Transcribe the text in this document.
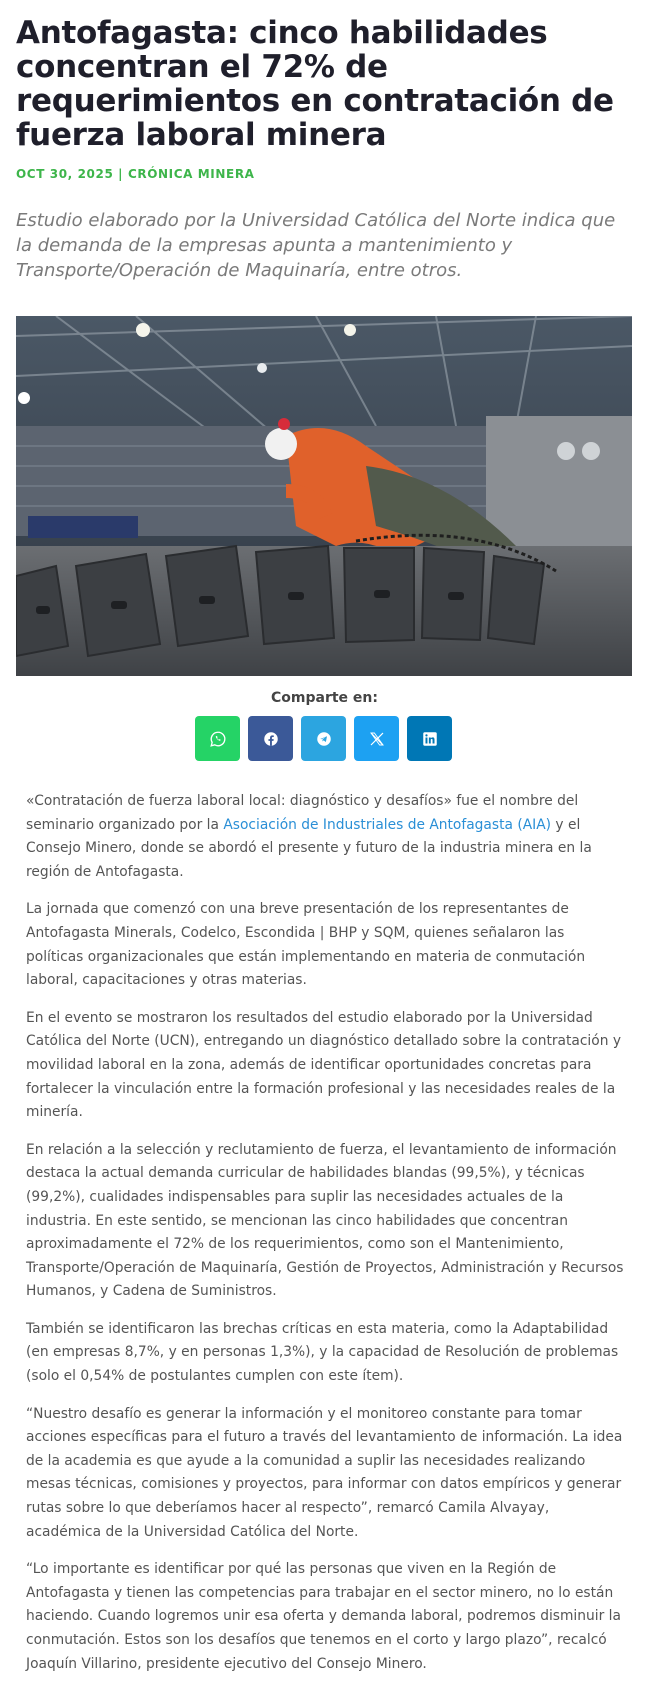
Antofagasta: cinco habilidades concentran el 72% de requerimientos en contratación de fuerza laboral minera
OCT 30, 2025 | CRÓNICA MINERA
Estudio elaborado por la Universidad Católica del Norte indica que la demanda de la empresas apunta a mantenimiento y Transporte/Operación de Maquinaría, entre otros.
Comparte en:

«Contratación de fuerza laboral local: diagnóstico y desafíos» fue el nombre del seminario organizado por la Asociación de Industriales de Antofagasta (AIA) y el Consejo Minero, donde se abordó el presente y futuro de la industria minera en la región de Antofagasta.

La jornada que comenzó con una breve presentación de los representantes de Antofagasta Minerals, Codelco, Escondida | BHP y SQM, quienes señalaron las políticas organizacionales que están implementando en materia de conmutación laboral, capacitaciones y otras materias.

En el evento se mostraron los resultados del estudio elaborado por la Universidad Católica del Norte (UCN), entregando un diagnóstico detallado sobre la contratación y movilidad laboral en la zona, además de identificar oportunidades concretas para fortalecer la vinculación entre la formación profesional y las necesidades reales de la minería.

En relación a la selección y reclutamiento de fuerza, el levantamiento de información destaca la actual demanda curricular de habilidades blandas (99,5%), y técnicas (99,2%), cualidades indispensables para suplir las necesidades actuales de la industria. En este sentido, se mencionan las cinco habilidades que concentran aproximadamente el 72% de los requerimientos, como son el Mantenimiento, Transporte/Operación de Maquinaría, Gestión de Proyectos, Administración y Recursos Humanos, y Cadena de Suministros.

También se identificaron las brechas críticas en esta materia, como la Adaptabilidad (en empresas 8,7%, y en personas 1,3%), y la capacidad de Resolución de problemas (solo el 0,54% de postulantes cumplen con este ítem).

“Nuestro desafío es generar la información y el monitoreo constante para tomar acciones específicas para el futuro a través del levantamiento de información. La idea de la academia es que ayude a la comunidad a suplir las necesidades realizando mesas técnicas, comisiones y proyectos, para informar con datos empíricos y generar rutas sobre lo que deberíamos hacer al respecto”, remarcó Camila Alvayay, académica de la Universidad Católica del Norte.

“Lo importante es identificar por qué las personas que viven en la Región de Antofagasta y tienen las competencias para trabajar en el sector minero, no lo están haciendo. Cuando logremos unir esa oferta y demanda laboral, podremos disminuir la conmutación. Estos son los desafíos que tenemos en el corto y largo plazo”, recalcó Joaquín Villarino, presidente ejecutivo del Consejo Minero.
